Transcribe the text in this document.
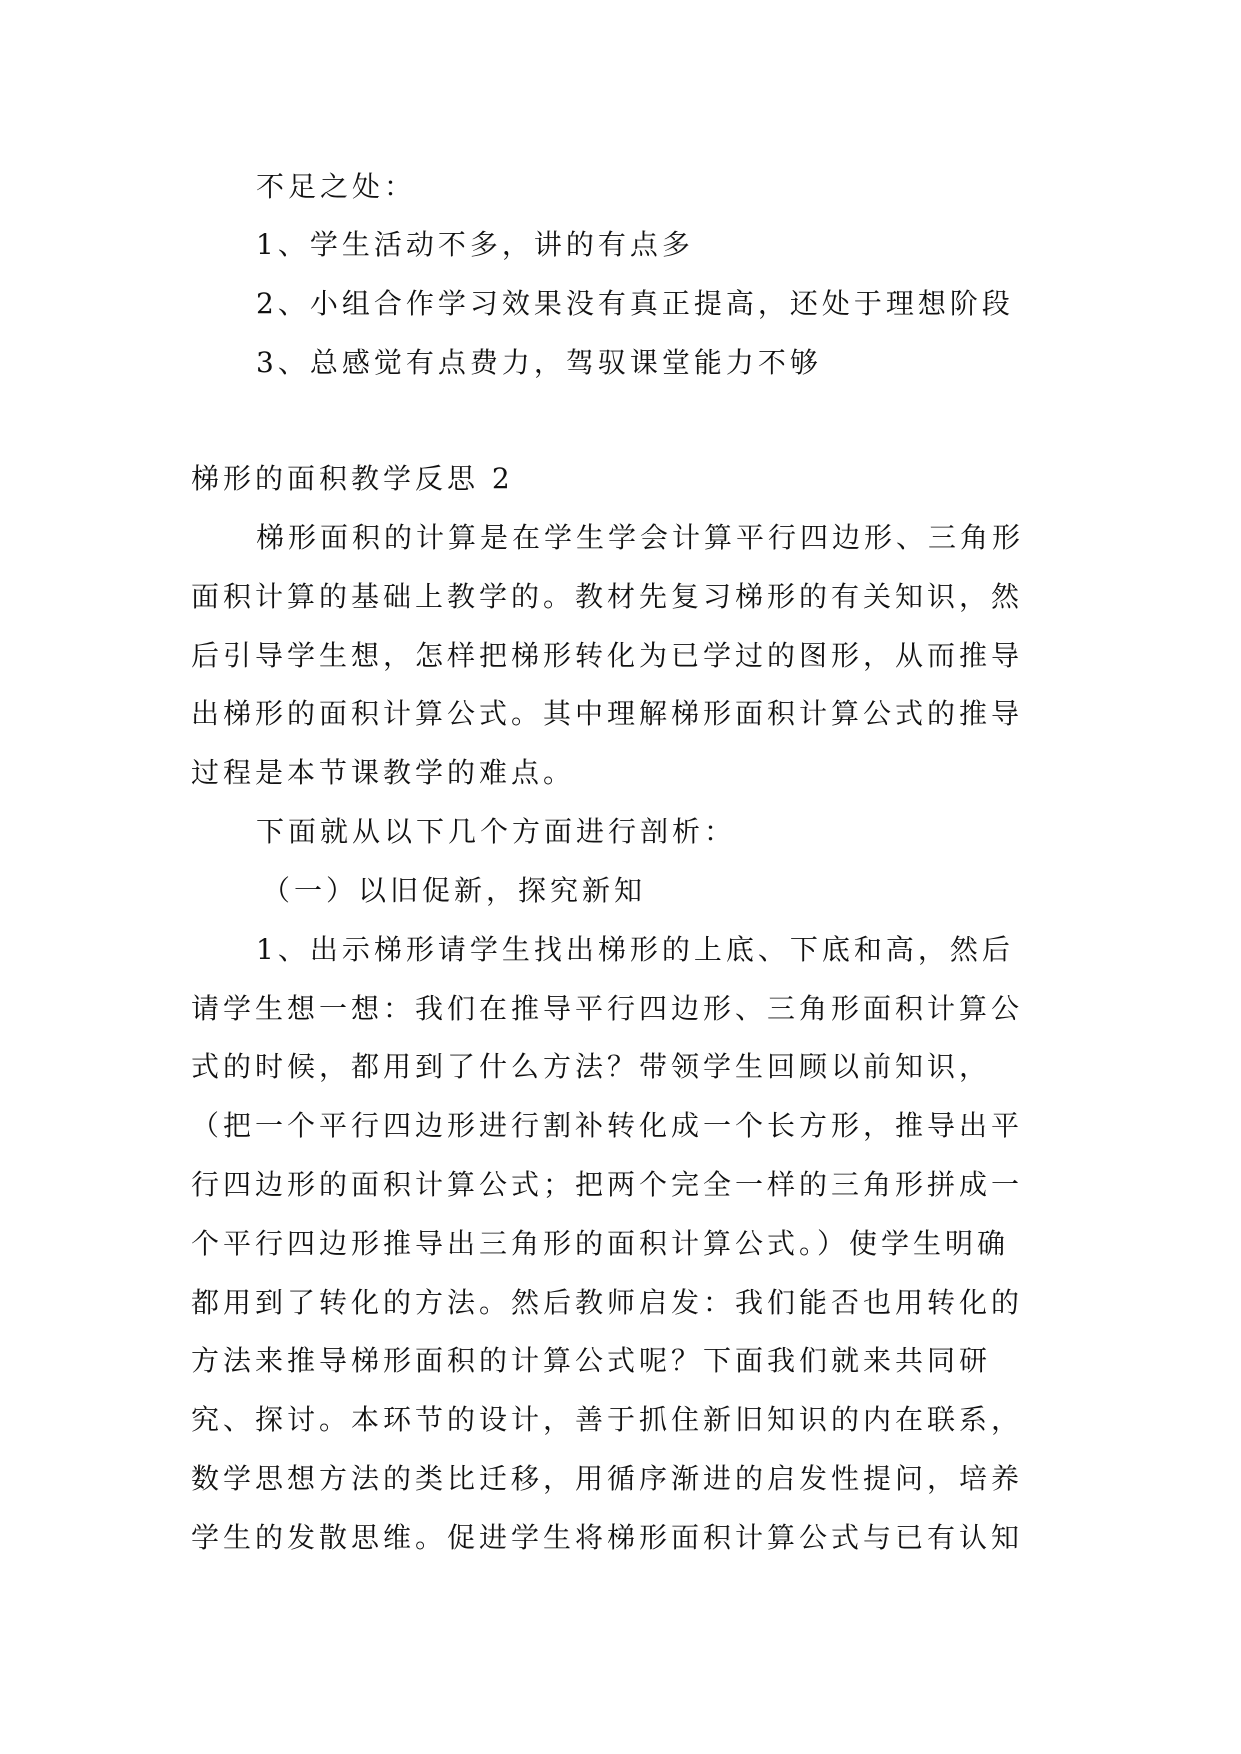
不足之处：

1、学生活动不多，讲的有点多

2、小组合作学习效果没有真正提高，还处于理想阶段

3、总感觉有点费力，驾驭课堂能力不够

梯形的面积教学反思 2

梯形面积的计算是在学生学会计算平行四边形、三角形

面积计算的基础上教学的。教材先复习梯形的有关知识，然

后引导学生想，怎样把梯形转化为已学过的图形，从而推导

出梯形的面积计算公式。其中理解梯形面积计算公式的推导

过程是本节课教学的难点。

下面就从以下几个方面进行剖析：

（一）以旧促新，探究新知

1、出示梯形请学生找出梯形的上底、下底和高，然后

请学生想一想：我们在推导平行四边形、三角形面积计算公

式的时候，都用到了什么方法？带领学生回顾以前知识，

（把一个平行四边形进行割补转化成一个长方形，推导出平

行四边形的面积计算公式；把两个完全一样的三角形拼成一

个平行四边形推导出三角形的面积计算公式。）使学生明确

都用到了转化的方法。然后教师启发：我们能否也用转化的

方法来推导梯形面积的计算公式呢？下面我们就来共同研

究、探讨。本环节的设计，善于抓住新旧知识的内在联系，

数学思想方法的类比迁移，用循序渐进的启发性提问，培养

学生的发散思维。促进学生将梯形面积计算公式与已有认知
